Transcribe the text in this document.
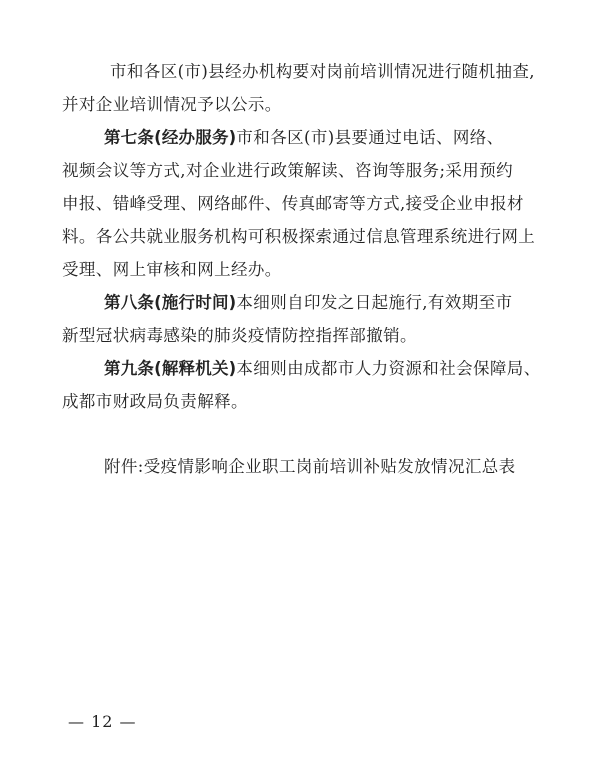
市和各区(市)县经办机构要对岗前培训情况进行随机抽查,
并对企业培训情况予以公示。
第七条(经办服务)市和各区(市)县要通过电话、网络、
视频会议等方式,对企业进行政策解读、咨询等服务;采用预约
申报、错峰受理、网络邮件、传真邮寄等方式,接受企业申报材
料。各公共就业服务机构可积极探索通过信息管理系统进行网上
受理、网上审核和网上经办。
第八条(施行时间)本细则自印发之日起施行,有效期至市
新型冠状病毒感染的肺炎疫情防控指挥部撤销。
第九条(解释机关)本细则由成都市人力资源和社会保障局、
成都市财政局负责解释。
附件:受疫情影响企业职工岗前培训补贴发放情况汇总表
— 12 —
